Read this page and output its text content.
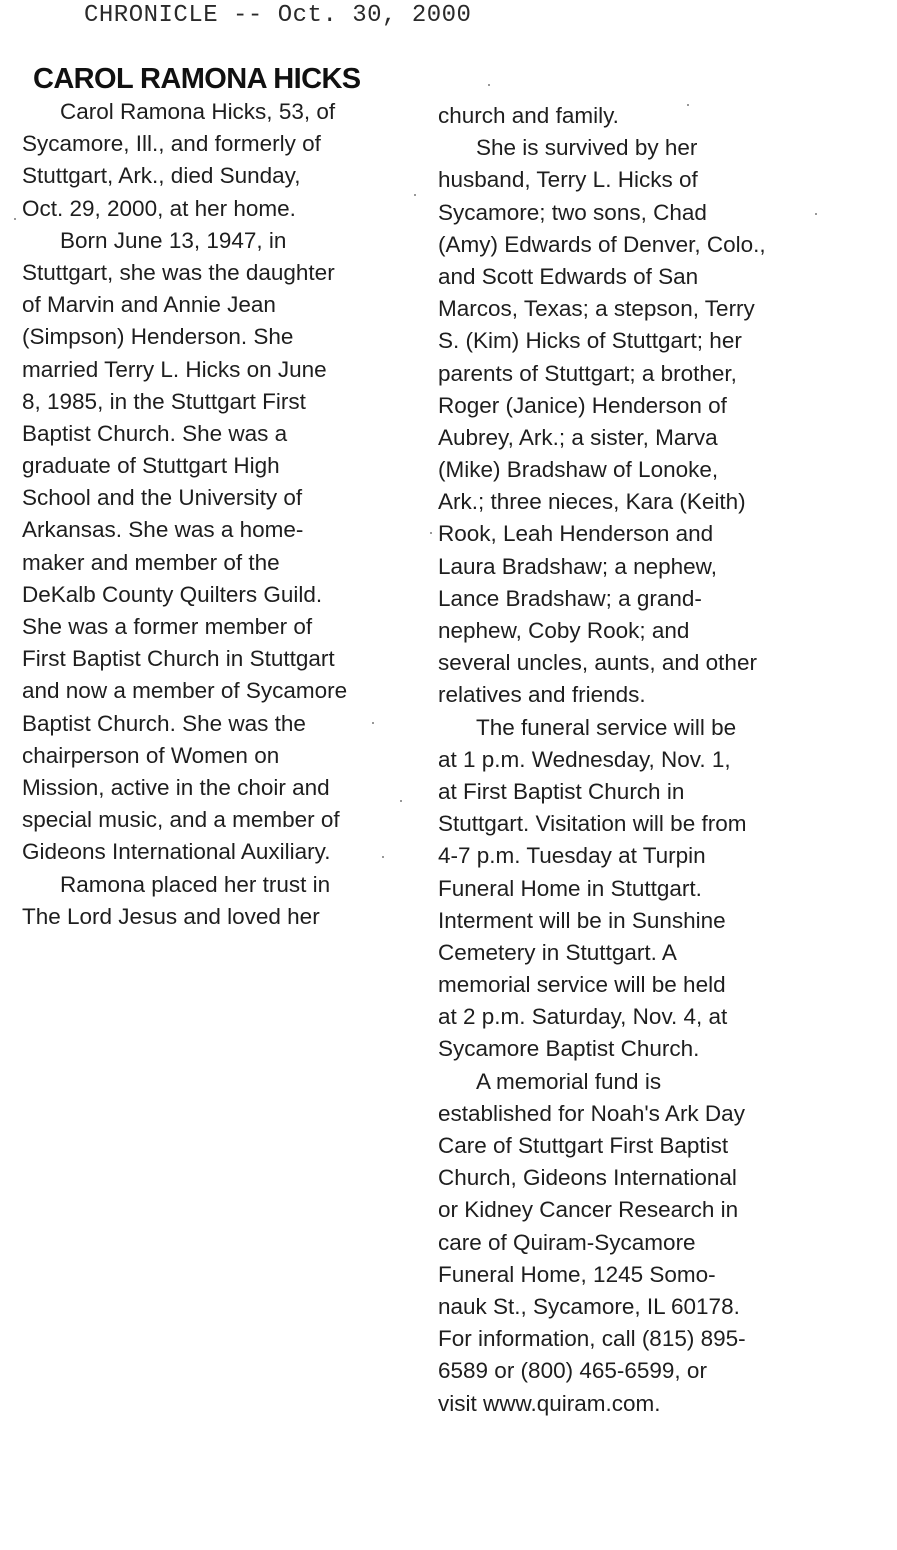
CHRONICLE -- Oct. 30, 2000
CAROL RAMONA HICKS
Carol Ramona Hicks, 53, of
Sycamore, Ill., and formerly of
Stuttgart, Ark., died Sunday,
Oct. 29, 2000, at her home.
Born June 13, 1947, in
Stuttgart, she was the daughter
of Marvin and Annie Jean
(Simpson) Henderson. She
married Terry L. Hicks on June
8, 1985, in the Stuttgart First
Baptist Church. She was a
graduate of Stuttgart High
School and the University of
Arkansas. She was a home-
maker and member of the
DeKalb County Quilters Guild.
She was a former member of
First Baptist Church in Stuttgart
and now a member of Sycamore
Baptist Church. She was the
chairperson of Women on
Mission, active in the choir and
special music, and a member of
Gideons International Auxiliary.
Ramona placed her trust in
The Lord Jesus and loved her
church and family.
She is survived by her
husband, Terry L. Hicks of
Sycamore; two sons, Chad
(Amy) Edwards of Denver, Colo.,
and Scott Edwards of San
Marcos, Texas; a stepson, Terry
S. (Kim) Hicks of Stuttgart; her
parents of Stuttgart; a brother,
Roger (Janice) Henderson of
Aubrey, Ark.; a sister, Marva
(Mike) Bradshaw of Lonoke,
Ark.; three nieces, Kara (Keith)
Rook, Leah Henderson and
Laura Bradshaw; a nephew,
Lance Bradshaw; a grand-
nephew, Coby Rook; and
several uncles, aunts, and other
relatives and friends.
The funeral service will be
at 1 p.m. Wednesday, Nov. 1,
at First Baptist Church in
Stuttgart. Visitation will be from
4-7 p.m. Tuesday at Turpin
Funeral Home in Stuttgart.
Interment will be in Sunshine
Cemetery in Stuttgart. A
memorial service will be held
at 2 p.m. Saturday, Nov. 4, at
Sycamore Baptist Church.
A memorial fund is
established for Noah's Ark Day
Care of Stuttgart First Baptist
Church, Gideons International
or Kidney Cancer Research in
care of Quiram-Sycamore
Funeral Home, 1245 Somo-
nauk St., Sycamore, IL 60178.
For information, call (815) 895-
6589 or (800) 465-6599, or
visit www.quiram.com.
